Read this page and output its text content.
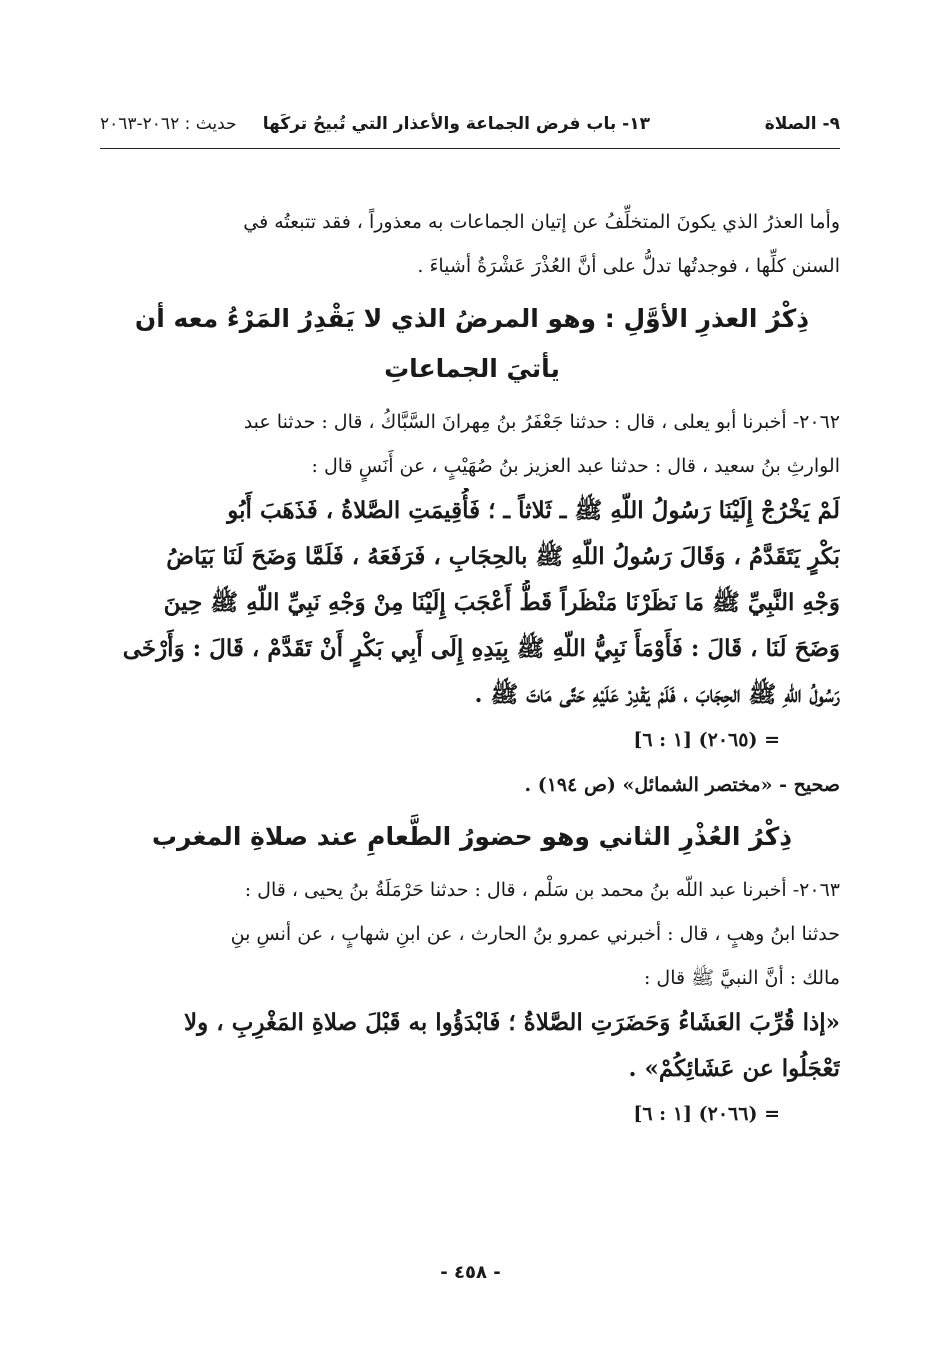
٩- الصلاة
١٣- باب فرض الجماعة والأعذار التي تُبيحُ تركَها
حديث : ٢٠٦٢-٢٠٦٣
وأما العذرُ الذي يكونَ المتخلِّفُ عن إتيان الجماعات به معذوراً ، فقد تتبعتُه في
السنن كلِّها ، فوجدتُها تدلُّ على أنَّ العُذْرَ عَشْرَةُ أشياءَ .
ذِكْرُ العذرِ الأوَّلِ : وهو المرضُ الذي لا يَقْدِرُ المَرْءُ معه أن
يأتيَ الجماعاتِ
٢٠٦٢- أخبرنا أبو يعلى ، قال : حدثنا جَعْفَرُ بنُ مِهرانَ السَّبَّاكُ ، قال : حدثنا عبد
الوارثِ بنُ سعيد ، قال : حدثنا عبد العزيز بنُ صُهَيْبٍ ، عن أَنَسٍ قال :
لَمْ يَخْرُجْ إِلَيْنَا رَسُولُ اللّهِ ﷺ ـ ثَلاثاً ـ ؛ فَأُقِيمَتِ الصَّلاةُ ، فَذَهَبَ أَبُو
بَكْرٍ يَتَقَدَّمُ ، وَقَالَ رَسُولُ اللّهِ ﷺ بالحِجَابِ ، فَرَفَعَهُ ، فَلَمَّا وَضَحَ لَنَا بَيَاضُ
وَجْهِ النَّبِيِّ ﷺ مَا نَظَرْنَا مَنْظَراً قَطُّ أَعْجَبَ إِلَيْنَا مِنْ وَجْهِ نَبِيِّ اللّهِ ﷺ حِينَ
وَضَحَ لَنَا ، قَالَ : فَأَوْمَأَ نَبِيُّ اللّهِ ﷺ بِيَدِهِ إِلَى أَبِي بَكْرٍ أَنْ تَقَدَّمْ ، قَالَ : وَأَرْخَى
رَسُولُ اللّهِ ﷺ الحِجَابَ ، فَلَمْ يَقْدِرْ عَلَيْهِ حَتَّى مَاتَ ﷺ .
= (٢٠٦٥) [١ : ٦]
صحيح - «مختصر الشمائل» (ص ١٩٤) .
ذِكْرُ العُذْرِ الثاني وهو حضورُ الطَّعامِ عند صلاةِ المغرب
٢٠٦٣- أخبرنا عبد اللّه بنُ محمد بن سَلْم ، قال : حدثنا حَرْمَلَةُ بنُ يحيى ، قال :
حدثنا ابنُ وهبٍ ، قال : أخبرني عمرو بنُ الحارث ، عن ابنِ شهابٍ ، عن أنسِ بنِ
مالك : أنَّ النبيَّ ﷺ قال :
«إذا قُرِّبَ العَشَاءُ وَحَضَرَتِ الصَّلاةُ ؛ فَابْدَؤُوا به قَبْلَ صلاةِ المَغْرِبِ ، ولا
تَعْجَلُوا عن عَشَائِكُمْ» .
= (٢٠٦٦) [١ : ٦]
- ٤٥٨ -
